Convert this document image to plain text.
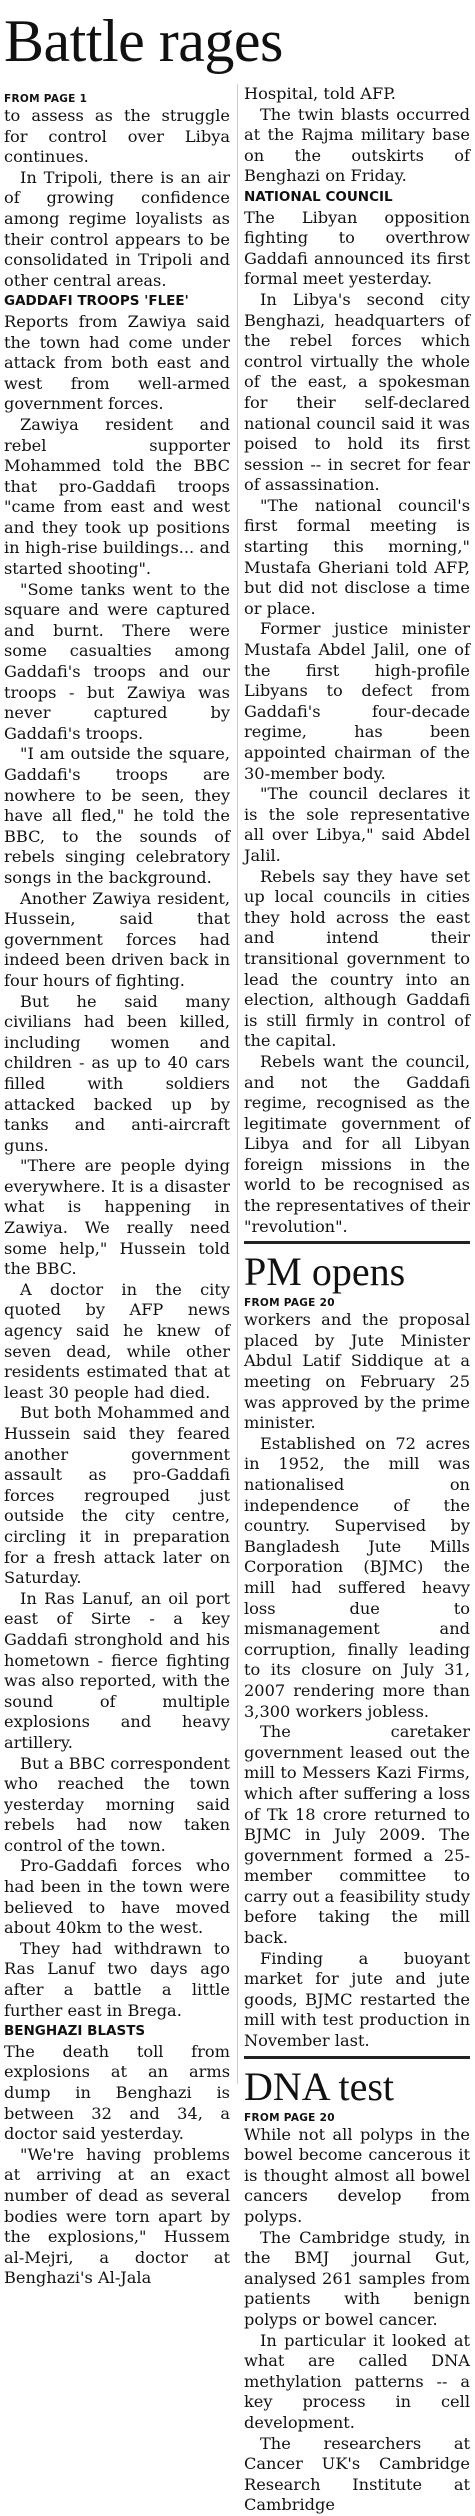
Battle rages
FROM PAGE 1

to assess as the struggle for control over Libya continues.

In Tripoli, there is an air of growing confidence among regime loyalists as their control appears to be consolidated in Tripoli and other central areas.

GADDAFI TROOPS 'FLEE'

Reports from Zawiya said the town had come under attack from both east and west from well-armed government forces.

Zawiya resident and rebel supporter Mohammed told the BBC that pro-Gaddafi troops "came from east and west and they took up positions in high-rise buildings... and started shooting".

"Some tanks went to the square and were captured and burnt. There were some casualties among Gaddafi's troops and our troops - but Zawiya was never captured by Gaddafi's troops.

"I am outside the square, Gaddafi's troops are nowhere to be seen, they have all fled," he told the BBC, to the sounds of rebels singing celebratory songs in the background.

Another Zawiya resident, Hussein, said that government forces had indeed been driven back in four hours of fighting.

But he said many civilians had been killed, including women and children - as up to 40 cars filled with soldiers attacked backed up by tanks and anti-aircraft guns.

"There are people dying everywhere. It is a disaster what is happening in Zawiya. We really need some help," Hussein told the BBC.

A doctor in the city quoted by AFP news agency said he knew of seven dead, while other residents estimated that at least 30 people had died.

But both Mohammed and Hussein said they feared another government assault as pro-Gaddafi forces regrouped just outside the city centre, circling it in preparation for a fresh attack later on Saturday.

In Ras Lanuf, an oil port east of Sirte - a key Gaddafi stronghold and his hometown - fierce fighting was also reported, with the sound of multiple explosions and heavy artillery.

But a BBC correspondent who reached the town yesterday morning said rebels had now taken control of the town.

Pro-Gaddafi forces who had been in the town were believed to have moved about 40km to the west.

They had withdrawn to Ras Lanuf two days ago after a battle a little further east in Brega.

BENGHAZI BLASTS

The death toll from explosions at an arms dump in Benghazi is between 32 and 34, a doctor said yesterday.

"We're having problems at arriving at an exact number of dead as several bodies were torn apart by the explosions," Hussem al-Mejri, a doctor at Benghazi's Al-Jala

Hospital, told AFP.

The twin blasts occurred at the Rajma military base on the outskirts of Benghazi on Friday.

NATIONAL COUNCIL

The Libyan opposition fighting to overthrow Gaddafi announced its first formal meet yesterday.

In Libya's second city Benghazi, headquarters of the rebel forces which control virtually the whole of the east, a spokesman for their self-declared national council said it was poised to hold its first session -- in secret for fear of assassination.

"The national council's first formal meeting is starting this morning," Mustafa Gheriani told AFP, but did not disclose a time or place.

Former justice minister Mustafa Abdel Jalil, one of the first high-profile Libyans to defect from Gaddafi's four-decade regime, has been appointed chairman of the 30-member body.

"The council declares it is the sole representative all over Libya," said Abdel Jalil.

Rebels say they have set up local councils in cities they hold across the east and intend their transitional government to lead the country into an election, although Gaddafi is still firmly in control of the capital.

Rebels want the council, and not the Gaddafi regime, recognised as the legitimate government of Libya and for all Libyan foreign missions in the world to be recognised as the representatives of their "revolution".

PM opens
FROM PAGE 20

workers and the proposal placed by Jute Minister Abdul Latif Siddique at a meeting on February 25 was approved by the prime minister.

Established on 72 acres in 1952, the mill was nationalised on independence of the country. Supervised by Bangladesh Jute Mills Corporation (BJMC) the mill had suffered heavy loss due to mismanagement and corruption, finally leading to its closure on July 31, 2007 rendering more than 3,300 workers jobless.

The caretaker government leased out the mill to Messers Kazi Firms, which after suffering a loss of Tk 18 crore returned to BJMC in July 2009. The government formed a 25-member committee to carry out a feasibility study before taking the mill back.

Finding a buoyant market for jute and jute goods, BJMC restarted the mill with test production in November last.

DNA test
FROM PAGE 20

While not all polyps in the bowel become cancerous it is thought almost all bowel cancers develop from polyps.

The Cambridge study, in the BMJ journal Gut, analysed 261 samples from patients with benign polyps or bowel cancer.

In particular it looked at what are called DNA methylation patterns -- a key process in cell development.

The researchers at Cancer UK's Cambridge Research Institute at Cambridge
